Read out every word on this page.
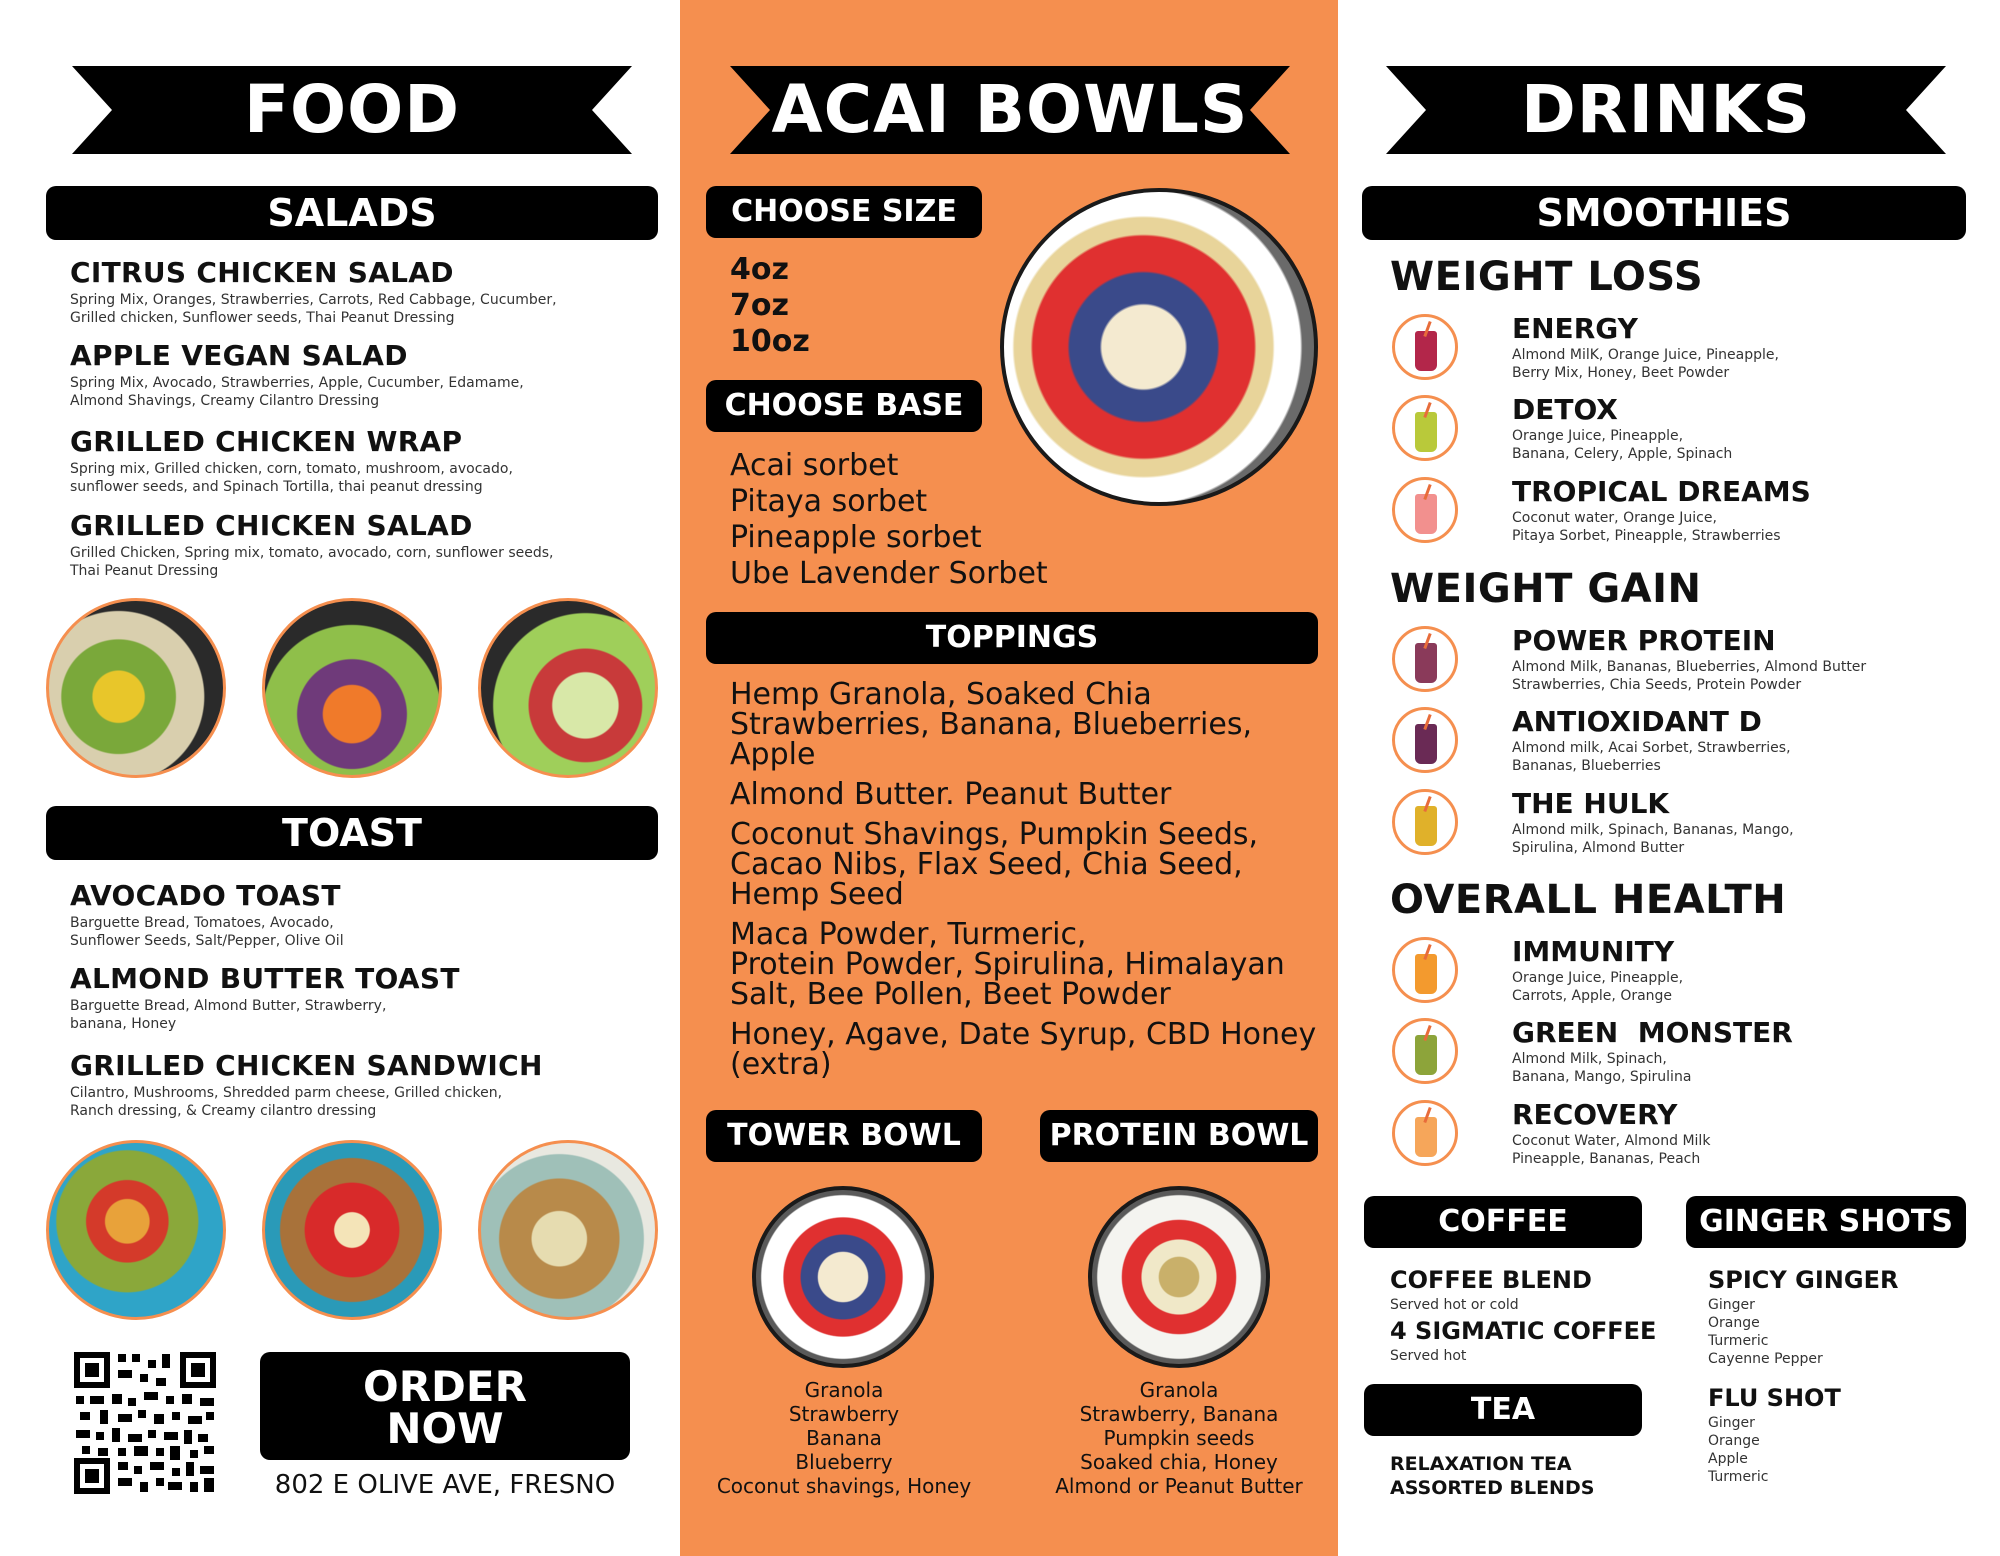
FOOD
SALADS
CITRUS CHICKEN SALAD
Spring Mix, Oranges, Strawberries, Carrots, Red Cabbage, Cucumber,
Grilled chicken, Sunflower seeds, Thai Peanut Dressing
APPLE VEGAN SALAD
Spring Mix, Avocado, Strawberries, Apple, Cucumber, Edamame,
Almond Shavings, Creamy Cilantro Dressing
GRILLED CHICKEN WRAP
Spring mix, Grilled chicken, corn, tomato, mushroom, avocado,
sunflower seeds, and Spinach Tortilla, thai peanut dressing
GRILLED CHICKEN SALAD
Grilled Chicken, Spring mix, tomato, avocado, corn, sunflower seeds,
Thai Peanut Dressing
TOAST
AVOCADO TOAST
Barguette Bread, Tomatoes, Avocado,
Sunflower Seeds, Salt/Pepper, Olive Oil
ALMOND BUTTER TOAST
Barguette Bread, Almond Butter, Strawberry,
banana, Honey
GRILLED CHICKEN SANDWICH
Cilantro, Mushrooms, Shredded parm cheese, Grilled chicken,
Ranch dressing, & Creamy cilantro dressing
ORDER
NOW
802 E OLIVE AVE, FRESNO
ACAI BOWLS
CHOOSE SIZE
4oz
7oz
10oz
CHOOSE BASE
Acai sorbet
Pitaya sorbet
Pineapple sorbet
Ube Lavender Sorbet
TOPPINGS
Hemp Granola, Soaked Chia
Strawberries, Banana, Blueberries,
Apple
Almond Butter. Peanut Butter
Coconut Shavings, Pumpkin Seeds,
Cacao Nibs, Flax Seed, Chia Seed,
Hemp Seed
Maca Powder, Turmeric,
Protein Powder, Spirulina, Himalayan
Salt, Bee Pollen, Beet Powder
Honey, Agave, Date Syrup, CBD Honey
(extra)
TOWER BOWL	PROTEIN BOWL
Granola
Strawberry
Banana
Blueberry
Coconut shavings, Honey
Granola
Strawberry, Banana
Pumpkin seeds
Soaked chia, Honey
Almond or Peanut Butter
DRINKS
SMOOTHIES
WEIGHT LOSS
ENERGY
Almond MilK, Orange Juice, Pineapple,
Berry Mix, Honey, Beet Powder
DETOX
Orange Juice, Pineapple,
Banana, Celery, Apple, Spinach
TROPICAL DREAMS
Coconut water, Orange Juice,
Pitaya Sorbet, Pineapple, Strawberries
WEIGHT GAIN
POWER PROTEIN
Almond Milk, Bananas, Blueberries, Almond Butter
Strawberries, Chia Seeds, Protein Powder
ANTIOXIDANT D
Almond milk, Acai Sorbet, Strawberries,
Bananas, Blueberries
THE HULK
Almond milk, Spinach, Bananas, Mango,
Spirulina, Almond Butter
OVERALL HEALTH
IMMUNITY
Orange Juice, Pineapple,
Carrots, Apple, Orange
GREEN  MONSTER
Almond Milk, Spinach,
Banana, Mango, Spirulina
RECOVERY
Coconut Water, Almond Milk
Pineapple, Bananas, Peach
COFFEE
COFFEE BLEND
Served hot or cold
4 SIGMATIC COFFEE
Served hot
TEA
RELAXATION TEA
ASSORTED BLENDS
GINGER SHOTS
SPICY GINGER
Ginger
Orange
Turmeric
Cayenne Pepper
FLU SHOT
Ginger
Orange
Apple
Turmeric
